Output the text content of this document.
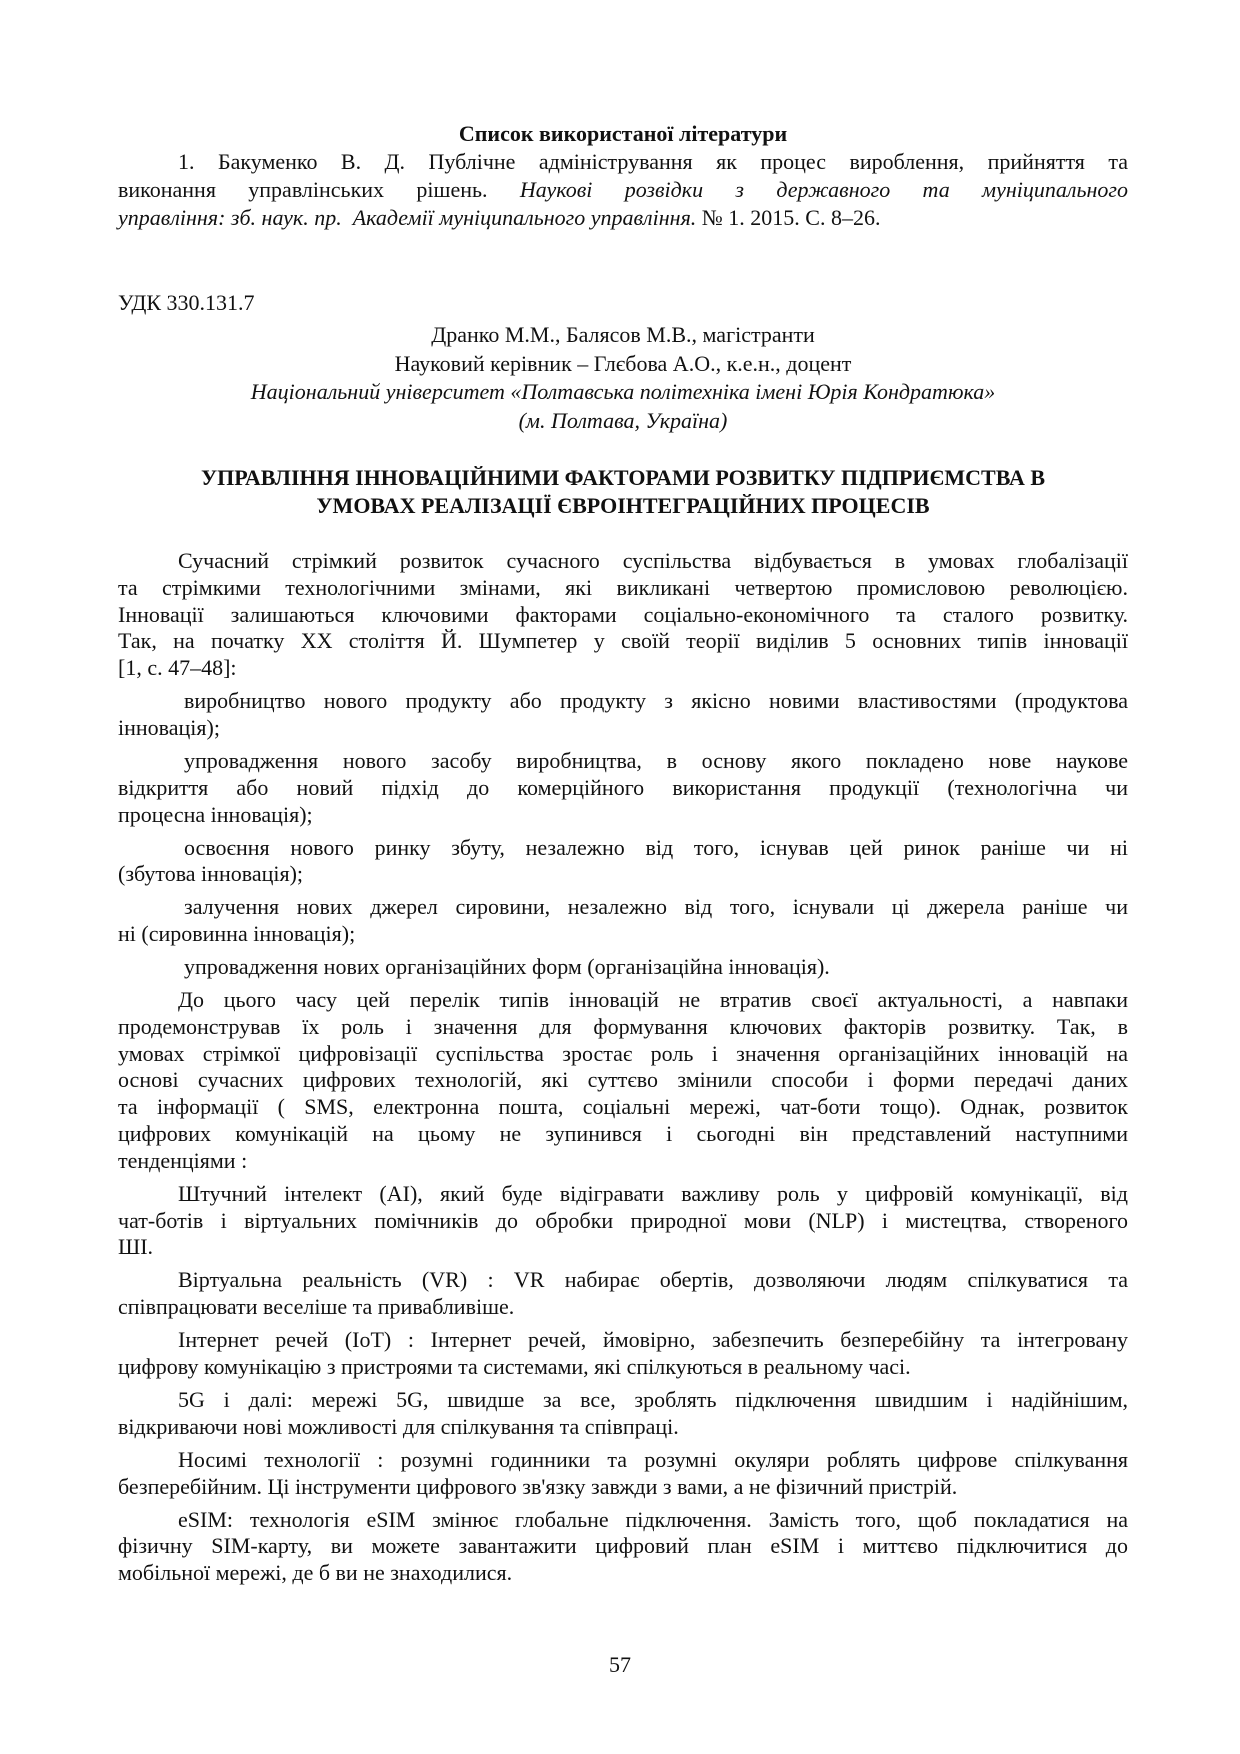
Список використаної літератури
1. Бакуменко В. Д. Публічне адміністрування як процес вироблення, прийняття та
виконання управлінських рішень. Наукові розвідки з державного та муніципального
управління: зб. наук. пр.  Академії муніципального управління. № 1. 2015. С. 8–26.
УДК 330.131.7
Дранко М.М., Балясов М.В., магістранти
Науковий керівник – Глєбова А.О., к.е.н., доцент
Національний університет «Полтавська політехніка імені Юрія Кондратюка»
(м. Полтава, Україна)
УПРАВЛІННЯ ІННОВАЦІЙНИМИ ФАКТОРАМИ РОЗВИТКУ ПІДПРИЄМСТВА В
УМОВАХ РЕАЛІЗАЦІЇ ЄВРОІНТЕГРАЦІЙНИХ ПРОЦЕСІВ
Сучасний стрімкий розвиток сучасного суспільства відбувається в умовах глобалізації
та стрімкими технологічними змінами, які викликані четвертою промисловою революцією.
Інновації залишаються ключовими факторами соціально-економічного та сталого розвитку.
Так, на початку XX століття Й. Шумпетер у своїй теорії виділив 5 основних типів інновації
[1, с. 47–48]:
виробництво нового продукту або продукту з якісно новими властивостями (продуктова
інновація);
упровадження нового засобу виробництва, в основу якого покладено нове наукове
відкриття або новий підхід до комерційного використання продукції (технологічна чи
процесна інновація);
освоєння нового ринку збуту, незалежно від того, існував цей ринок раніше чи ні
(збутова інновація);
залучення нових джерел сировини, незалежно від того, існували ці джерела раніше чи
ні (сировинна інновація);
упровадження нових організаційних форм (організаційна інновація).
До цього часу цей перелік типів інновацій не втратив своєї актуальності, а навпаки
продемонстрував їх роль і значення для формування ключових факторів розвитку. Так, в
умовах стрімкої цифровізації суспільства зростає роль і значення організаційних інновацій на
основі сучасних цифрових технологій, які суттєво змінили способи і форми передачі даних
та інформації ( SMS, електронна пошта, соціальні мережі, чат-боти тощо). Однак, розвиток
цифрових комунікацій на цьому не зупинився і сьогодні він представлений наступними
тенденціями :
Штучний інтелект (AI), який буде відігравати важливу роль у цифровій комунікації, від
чат-ботів і віртуальних помічників до обробки природної мови (NLP) і мистецтва, створеного
ШІ.
Віртуальна реальність (VR) : VR набирає обертів, дозволяючи людям спілкуватися та
співпрацювати веселіше та привабливіше.
Інтернет речей (IoT) : Інтернет речей, ймовірно, забезпечить безперебійну та інтегровану
цифрову комунікацію з пристроями та системами, які спілкуються в реальному часі.
5G і далі: мережі 5G, швидше за все, зроблять підключення швидшим і надійнішим,
відкриваючи нові можливості для спілкування та співпраці.
Носимі технології : розумні годинники та розумні окуляри роблять цифрове спілкування
безперебійним. Ці інструменти цифрового зв'язку завжди з вами, а не фізичний пристрій.
eSIM: технологія eSIM змінює глобальне підключення. Замість того, щоб покладатися на
фізичну SIM-карту, ви можете завантажити цифровий план eSIM і миттєво підключитися до
мобільної мережі, де б ви не знаходилися.
57
